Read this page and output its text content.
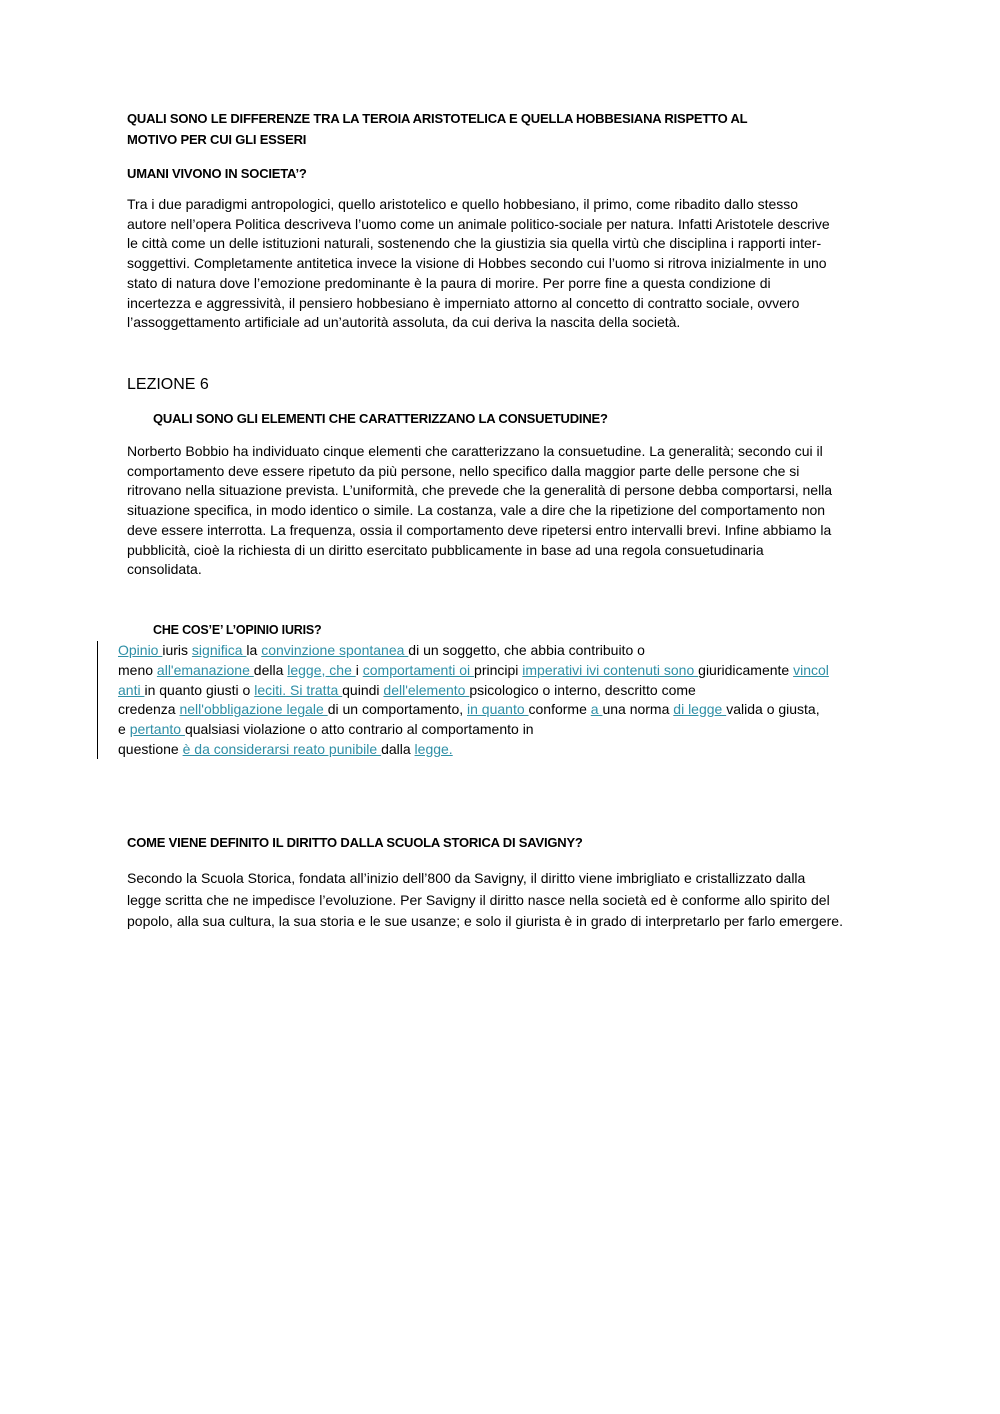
QUALI SONO LE DIFFERENZE TRA LA TEROIA ARISTOTELICA E QUELLA HOBBESIANA RISPETTO AL
MOTIVO PER CUI GLI ESSERI
UMANI VIVONO IN SOCIETA’?
Tra i due paradigmi antropologici, quello aristotelico e quello hobbesiano, il primo, come ribadito dallo stesso
autore nell’opera Politica descriveva l’uomo come un animale politico-sociale per natura. Infatti Aristotele descrive
le città come un delle istituzioni naturali, sostenendo che la giustizia sia quella virtù che disciplina i rapporti inter-
soggettivi. Completamente antitetica invece la visione di Hobbes secondo cui l’uomo si ritrova inizialmente in uno
stato di natura dove l’emozione predominante è la paura di morire. Per porre fine a questa condizione di
incertezza e aggressività, il pensiero hobbesiano è imperniato attorno al concetto di contratto sociale, ovvero
l’assoggettamento artificiale ad un’autorità assoluta, da cui deriva la nascita della società.
LEZIONE 6
QUALI SONO GLI ELEMENTI CHE CARATTERIZZANO LA CONSUETUDINE?
Norberto Bobbio ha individuato cinque elementi che caratterizzano la consuetudine. La generalità; secondo cui il
comportamento deve essere ripetuto da più persone, nello specifico dalla maggior parte delle persone che si
ritrovano nella situazione prevista. L’uniformità, che prevede che la generalità di persone debba comportarsi, nella
situazione specifica, in modo identico o simile. La costanza, vale a dire che la ripetizione del comportamento non
deve essere interrotta. La frequenza, ossia il comportamento deve ripetersi entro intervalli brevi. Infine abbiamo la
pubblicità, cioè la richiesta di un diritto esercitato pubblicamente in base ad una regola consuetudinaria
consolidata.
CHE COS’E’ L’OPINIO IURIS?
Opinio iuris significa la convinzione spontanea di un soggetto, che abbia contribuito o
meno all'emanazione della legge, che i comportamenti oi principi imperativi ivi contenuti sono giuridicamente vincol
anti in quanto giusti o leciti. Si tratta quindi dell'elemento psicologico o interno, descritto come
credenza nell'obbligazione legale di un comportamento, in quanto conforme a una norma di legge valida o giusta,
e pertanto qualsiasi violazione o atto contrario al comportamento in
questione è da considerarsi reato punibile dalla legge.
COME VIENE DEFINITO IL DIRITTO DALLA SCUOLA STORICA DI SAVIGNY?
Secondo la Scuola Storica, fondata all’inizio dell’800 da Savigny, il diritto viene imbrigliato e cristallizzato dalla
legge scritta che ne impedisce l’evoluzione. Per Savigny il diritto nasce nella società ed è conforme allo spirito del
popolo, alla sua cultura, la sua storia e le sue usanze; e solo il giurista è in grado di interpretarlo per farlo emergere.
